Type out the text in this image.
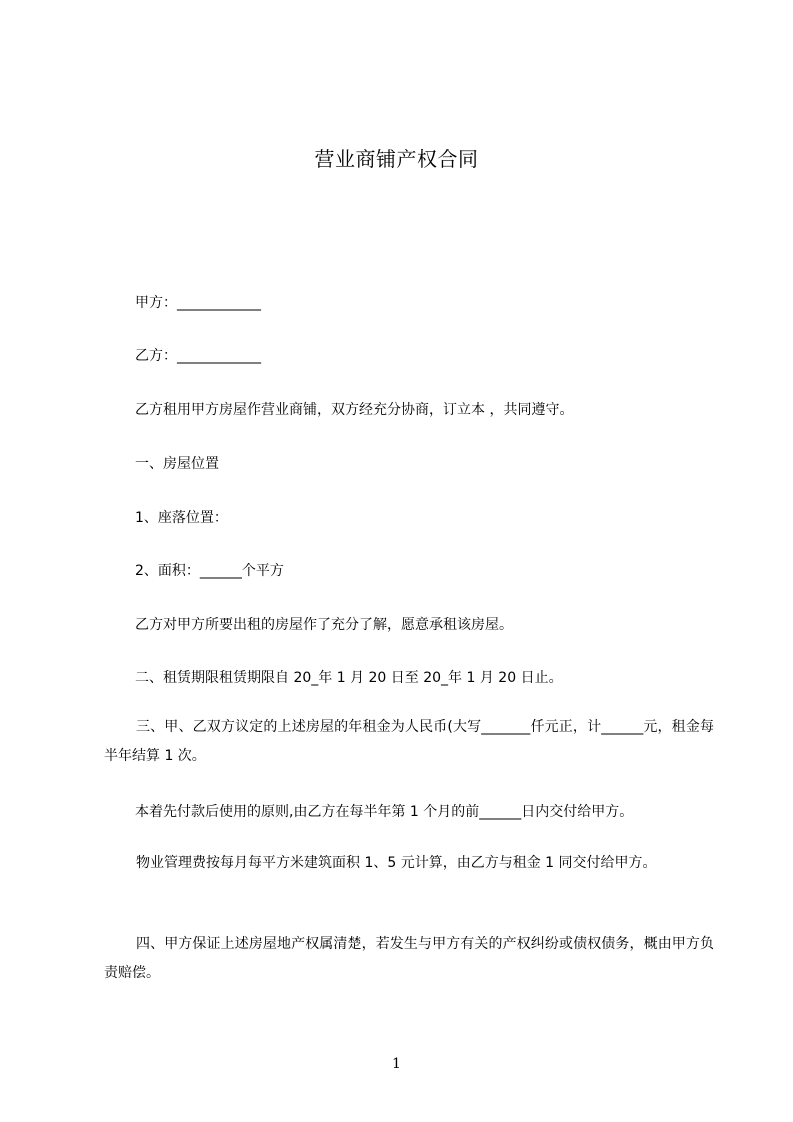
营业商铺产权合同
甲方：____________
乙方：____________
乙方租用甲方房屋作营业商铺，双方经充分协商，订立本 ，共同遵守。
一、房屋位置
1、座落位置：
2、面积：______个平方
乙方对甲方所要出租的房屋作了充分了解，愿意承租该房屋。
二、租赁期限租赁期限自 20_年 1 月 20 日至 20_年 1 月 20 日止。
三、甲、乙双方议定的上述房屋的年租金为人民币(大写_______仟元正，计______元，租金每半年结算 1 次。
本着先付款后使用的原则,由乙方在每半年第 1 个月的前______日内交付给甲方。
物业管理费按每月每平方米建筑面积 1、5 元计算，由乙方与租金 1 同交付给甲方。
四、甲方保证上述房屋地产权属清楚，若发生与甲方有关的产权纠纷或债权债务，概由甲方负责赔偿。
1
